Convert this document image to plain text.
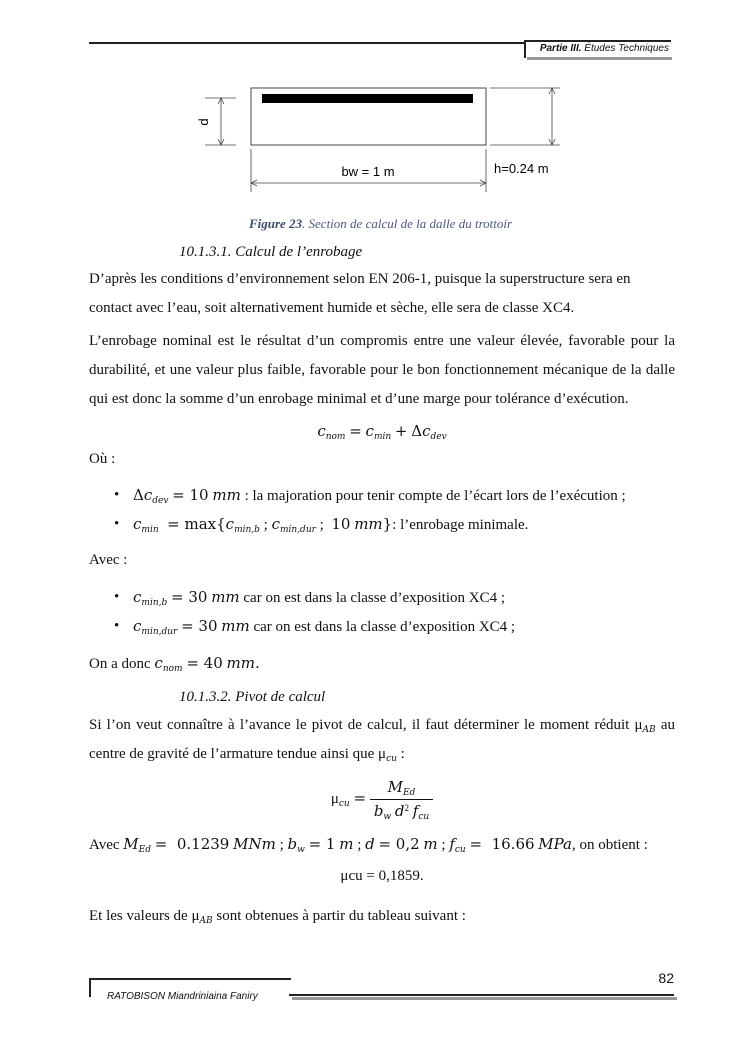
Partie III. Études Techniques
d
h=0.24 m
bw = 1 m
Figure 23. Section de calcul de la dalle du trottoir
10.1.3.1. Calcul de l’enrobage
D’après les conditions d’environnement selon EN 206-1, puisque la superstructure sera en contact avec l’eau, soit alternativement humide et sèche, elle sera de classe XC4.
L’enrobage nominal est le résultat d’un compromis entre une valeur élevée, favorable pour la durabilité, et une valeur plus faible, favorable pour le bon fonctionnement mécanique de la dalle qui est donc la somme d’un enrobage minimal et d’une marge pour tolérance d’exécution.
$c_{nom} = c_{min} + \Delta c_{dev}$
Où :
• $\Delta c_{dev} = 10$ mm : la majoration pour tenir compte de l’écart lors de l’exécution ;
• $c_{min} = \max\{c_{min,b}$ ; $c_{min,dur}$ ;  10 mm}: l’enrobage minimale.
Avec :
• $c_{min,b} = 30$ mm car on est dans la classe d’exposition XC4 ;
• $c_{min,dur} = 30$ mm car on est dans la classe d’exposition XC4 ;
On a donc $c_{nom} = 40$ mm.
10.1.3.2. Pivot de calcul
Si l’on veut connaître à l’avance le pivot de calcul, il faut déterminer le moment réduit $\mu_{AB}$ au centre de gravité de l’armature tendue ainsi que $\mu_{cu}$ :
$\mu_{cu} = \frac{M_{Ed}}{b_w d^2 f_{cu}}$
Avec $M_{Ed} = 0.1239$ MNm ; $b_w = 1$ m ; d = 0,2 m ; $f_{cu} = 16.66$ MPa, on obtient :
μcu = 0,1859.
Et les valeurs de $\mu_{AB}$ sont obtenues à partir du tableau suivant :
82
RATOBISON Miandriniaina Faniry
